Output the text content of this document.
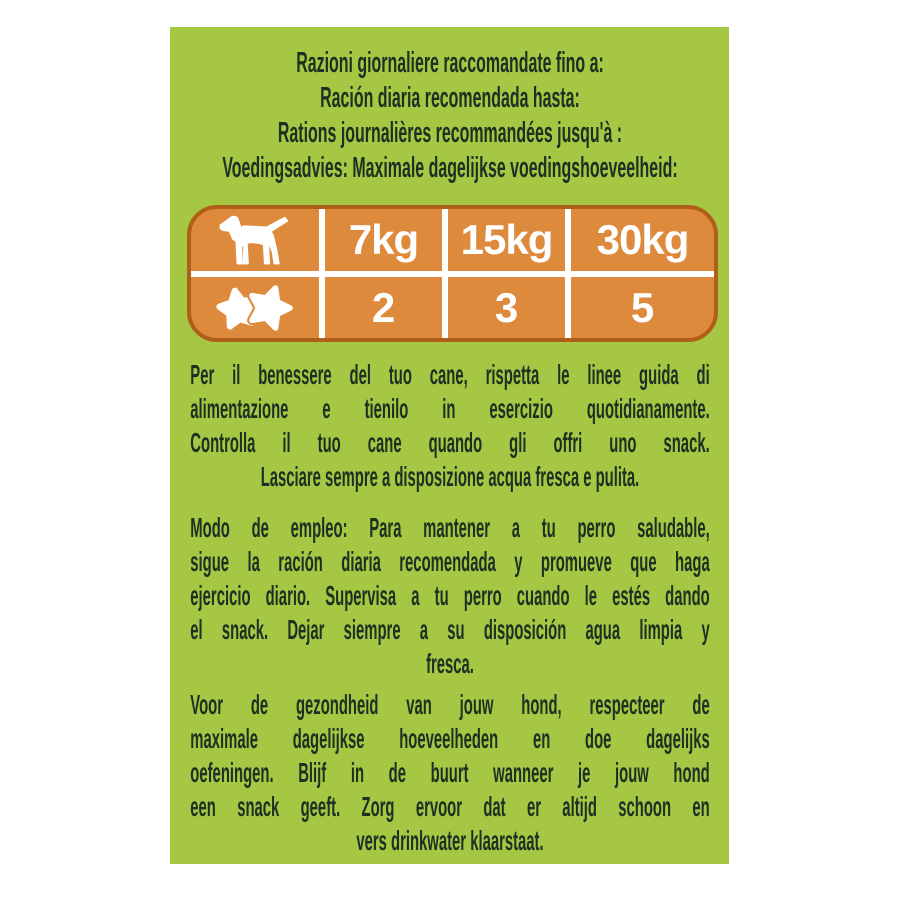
Razioni giornaliere raccomandate fino a:
Ración diaria recomendada hasta:
Rations journalières recommandées jusqu'à :
Voedingsadvies: Maximale dagelijkse voedingshoeveelheid:
7kg	15kg	30kg
2	3	5
Per il benessere del tuo cane, rispetta le linee guida di
alimentazione e tienilo in esercizio quotidianamente.
Controlla il tuo cane quando gli offri uno snack.
Lasciare sempre a disposizione acqua fresca e pulita.
Modo de empleo: Para mantener a tu perro saludable,
sigue la ración diaria recomendada y promueve que haga
ejercicio diario. Supervisa a tu perro cuando le estés dando
el snack. Dejar siempre a su disposición agua limpia y
fresca.
Voor de gezondheid van jouw hond, respecteer de
maximale dagelijkse hoeveelheden en doe dagelijks
oefeningen. Blijf in de buurt wanneer je jouw hond
een snack geeft. Zorg ervoor dat er altijd schoon en
vers drinkwater klaarstaat.
